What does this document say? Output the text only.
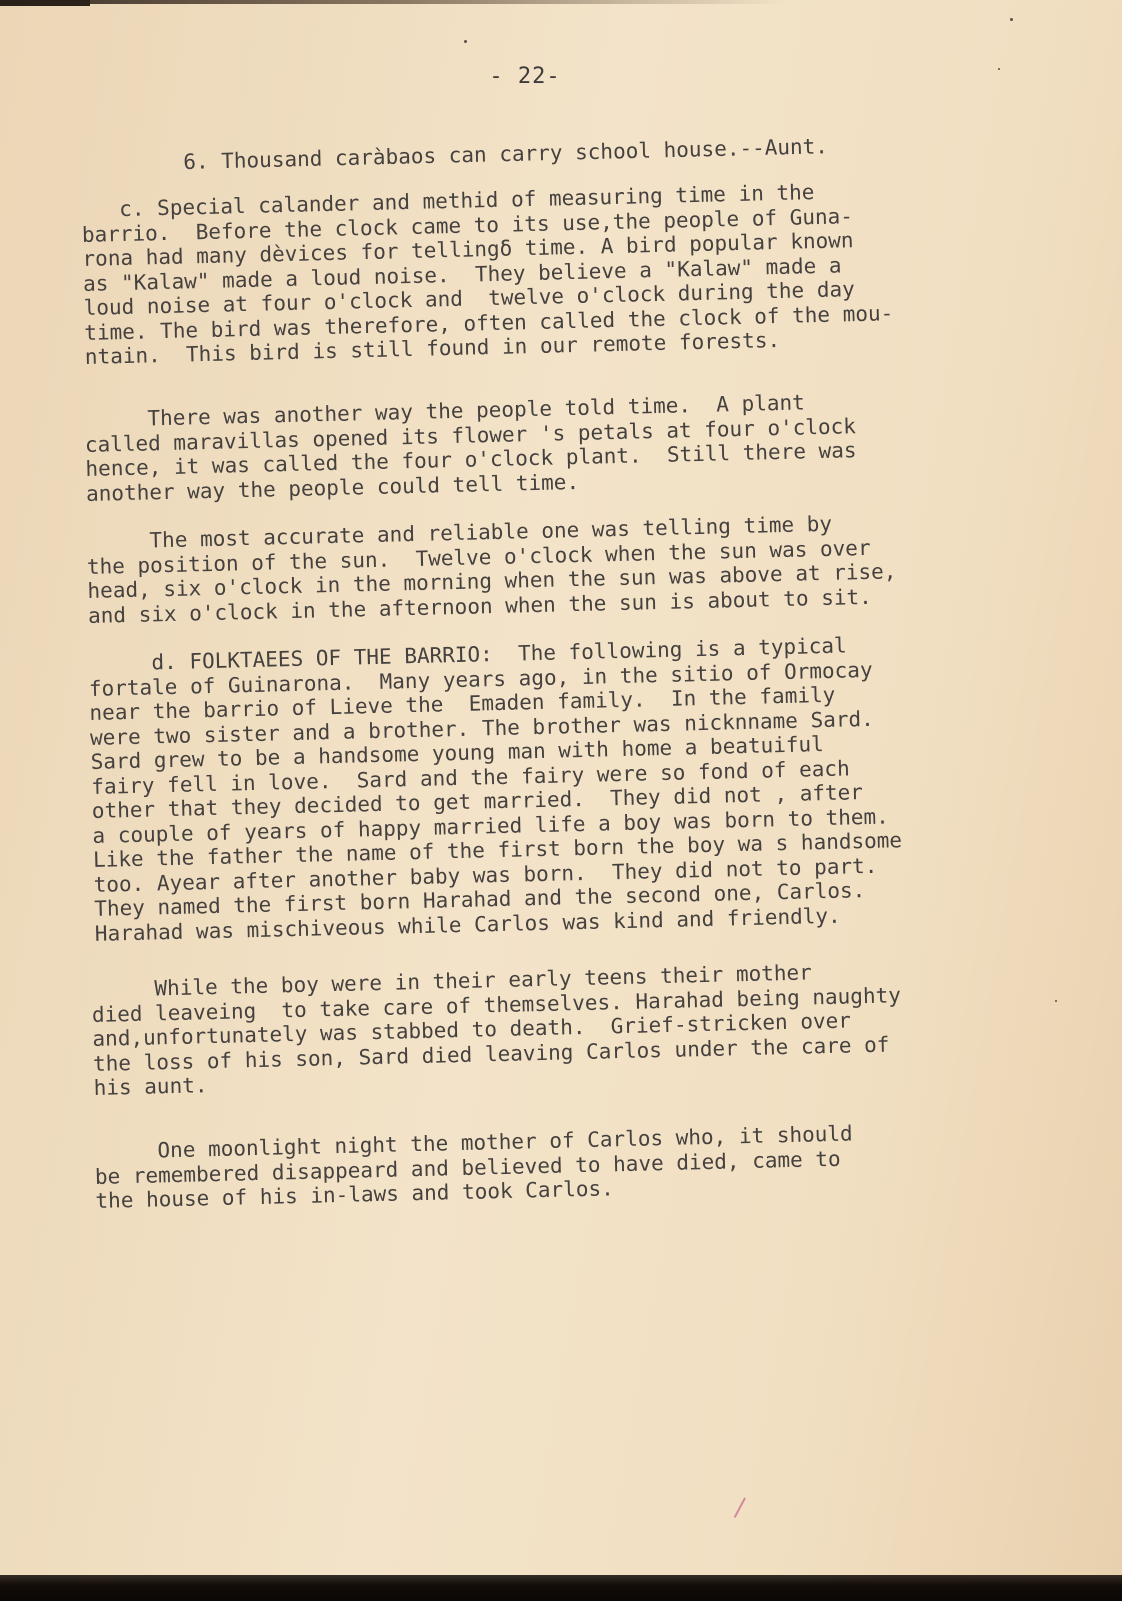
- 22-
6. Thousand caràbaos can carry school house.--Aunt.
c. Special calander and methid of measuring time in the
barrio.  Before the clock came to its use,the people of Guna-
rona had many dèvices for tellingẟ time. A bird popular known
as "Kalaw" made a loud noise.  They believe a "Kalaw" made a
loud noise at four o'clock and  twelve o'clock during the day
time. The bird was therefore, often called the clock of the mou-
ntain.  This bird is still found in our remote forests.
There was another way the people told time.  A plant
called maravillas opened its flower 's petals at four o'clock
hence, it was called the four o'clock plant.  Still there was
another way the people could tell time.
The most accurate and reliable one was telling time by
the position of the sun.  Twelve o'clock when the sun was over
head, six o'clock in the morning when the sun was above at rise,
and six o'clock in the afternoon when the sun is about to sit.
d. FOLKTAEES OF THE BARRIO:  The following is a typical
fortale of Guinarona.  Many years ago, in the sitio of Ormocay
near the barrio of Lieve the  Emaden family.  In the family
were two sister and a brother. The brother was nicknname Sard.
Sard grew to be a handsome young man with home a beatuiful
fairy fell in love.  Sard and the fairy were so fond of each
other that they decided to get married.  They did not , after
a couple of years of happy married life a boy was born to them.
Like the father the name of the first born the boy wa s handsome
too. Ayear after another baby was born.  They did not to part.
They named the first born Harahad and the second one, Carlos.
Harahad was mischiveous while Carlos was kind and friendly.
While the boy were in their early teens their mother
died leaveing  to take care of themselves. Harahad being naughty
and,unfortunately was stabbed to death.  Grief-stricken over
the loss of his son, Sard died leaving Carlos under the care of
his aunt.
One moonlight night the mother of Carlos who, it should
be remembered disappeard and believed to have died, came to
the house of his in-laws and took Carlos.
